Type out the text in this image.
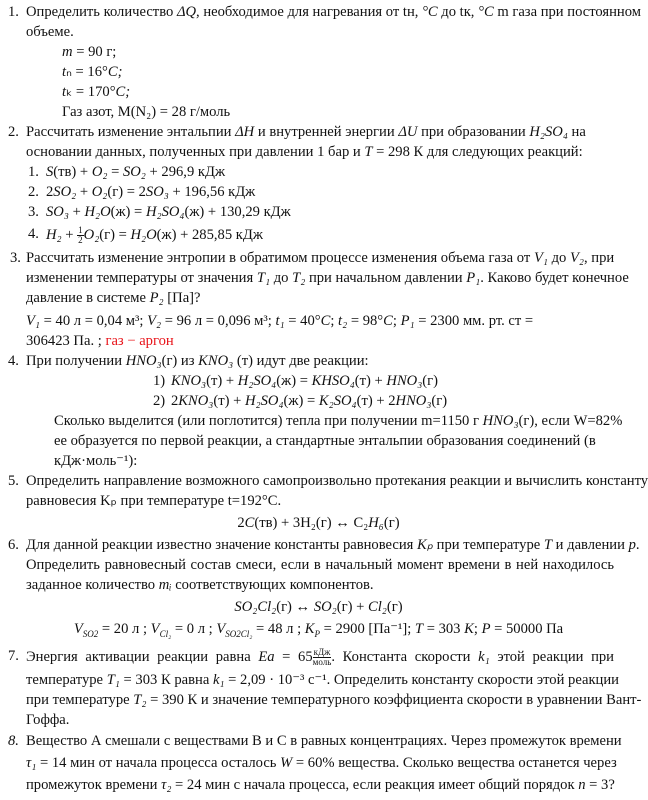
1. Определить количество ΔQ, необходимое для нагревания от tн, °C до tк, °C m газа при постоянном
объеме.
m = 90 г;
tₙ = 16°C;
tₖ = 170°C;
Газ азот, M(N₂) = 28 г/моль
2. Рассчитать изменение энтальпии ΔH и внутренней энергии ΔU при образовании H₂SO₄ на
основании данных, полученных при давлении 1 бар и T = 298 К для следующих реакций:
1. S(тв) + O₂ = SO₂ + 296,9 кДж
2. 2SO₂ + O₂(г) = 2SO₃ + 196,56 кДж
3. SO₃ + H₂O(ж) = H₂SO₄(ж) + 130,29 кДж
4. $H_2 + \frac{1}{2} O_2(г) = H_2O(ж) + 285,85$ кДж
3. Рассчитать изменение энтропии в обратимом процессе изменения объема газа от V₁ до V₂, при
изменении температуры от значения T₁ до T₂ при начальном давлении P₁. Каково будет конечное
давление в системе P₂ [Па]?
V₁ = 40 л = 0,04 м³; V₂ = 96 л = 0,096 м³; t₁ = 40°C; t₂ = 98°C; P₁ = 2300 мм. рт. ст =
306423 Па. ; газ − аргон
4. При получении HNO₃(г) из KNO₃ (т) идут две реакции:
1) KNO₃(т) + H₂SO₄(ж) = KHSO₄(т) + HNO₃(г)
2) 2KNO₃(т) + H₂SO₄(ж) = K₂SO₄(т) + 2HNO₃(г)
Сколько выделится (или поглотится) тепла при получении m=1150 г HNO₃(г), если W=82%
ее образуется по первой реакции, а стандартные энтальпии образования соединений (в
кДж·моль⁻¹):
5. Определить направление возможного самопроизвольно протекания реакции и вычислить константу
равновесия Kₚ при температуре t=192°C.
2C(тв) + 3H₂(г) ↔ C₂H₆(г)
6. Для данной реакции известно значение константы равновесия Kₚ при температуре T и давлении p.
Определить равновесный состав смеси, если в начальный момент времени в ней находилось
заданное количество mᵢ соответствующих компонентов.
SO₂Cl₂(г) ↔ SO₂(г) + Cl₂(г)
$V_{SO2} = 20$ л ; $V_{Cl_2} = 0$ л ; $V_{SO2Cl_2} = 48$ л ; $K_P = 2900$ [Па⁻¹]; T = 303 K; P = 50000 Па
7. Энергия активации реакции равна $Ea = 65 \frac{\text{кДж}}{\text{моль}}$ . Константа скорости k₁ этой реакции при
температуре T₁ = 303 К равна k₁ = 2,09 · 10⁻³ с⁻¹. Определить константу скорости этой реакции
при температуре T₂ = 390 К и значение температурного коэффициента скорости в уравнении Вант-
Гоффа.
8. Вещество А смешали с веществами В и С в равных концентрациях. Через промежуток времени
τ₁ = 14 мин от начала процесса осталось W = 60% вещества. Сколько вещества останется через
промежуток времени τ₂ = 24 мин с начала процесса, если реакция имеет общий порядок n = 3?
